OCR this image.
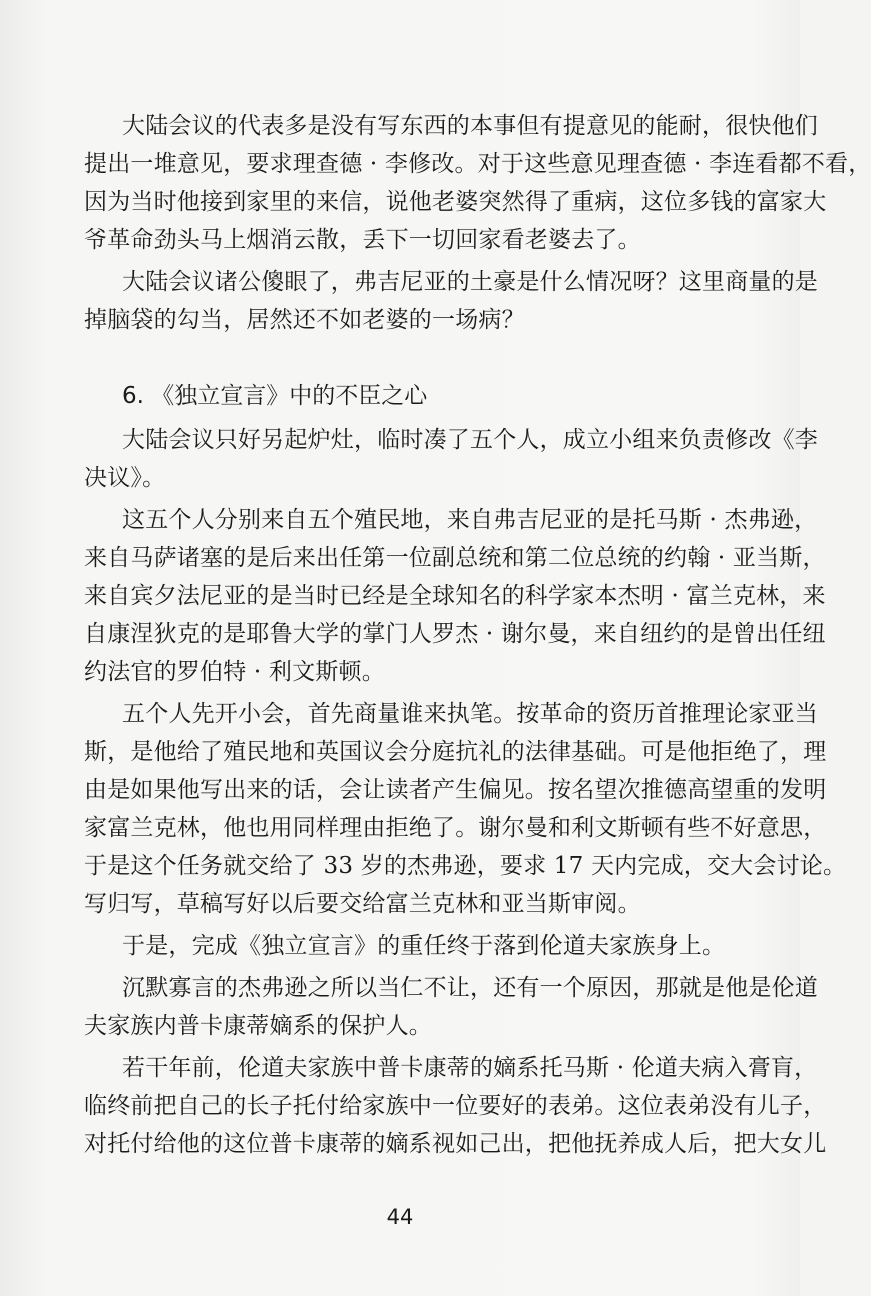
大陆会议的代表多是没有写东西的本事但有提意见的能耐，很快他们
提出一堆意见，要求理查德 · 李修改。对于这些意见理查德 · 李连看都不看，
因为当时他接到家里的来信，说他老婆突然得了重病，这位多钱的富家大
爷革命劲头马上烟消云散，丢下一切回家看老婆去了。
大陆会议诸公傻眼了，弗吉尼亚的土豪是什么情况呀？这里商量的是
掉脑袋的勾当，居然还不如老婆的一场病？
6. 《独立宣言》中的不臣之心
大陆会议只好另起炉灶，临时凑了五个人，成立小组来负责修改《李
决议》。
这五个人分别来自五个殖民地，来自弗吉尼亚的是托马斯 · 杰弗逊，
来自马萨诸塞的是后来出任第一位副总统和第二位总统的约翰 · 亚当斯，
来自宾夕法尼亚的是当时已经是全球知名的科学家本杰明 · 富兰克林，来
自康涅狄克的是耶鲁大学的掌门人罗杰 · 谢尔曼，来自纽约的是曾出任纽
约法官的罗伯特 · 利文斯顿。
五个人先开小会，首先商量谁来执笔。按革命的资历首推理论家亚当
斯，是他给了殖民地和英国议会分庭抗礼的法律基础。可是他拒绝了，理
由是如果他写出来的话，会让读者产生偏见。按名望次推德高望重的发明
家富兰克林，他也用同样理由拒绝了。谢尔曼和利文斯顿有些不好意思，
于是这个任务就交给了 33 岁的杰弗逊，要求 17 天内完成，交大会讨论。
写归写，草稿写好以后要交给富兰克林和亚当斯审阅。
于是，完成《独立宣言》的重任终于落到伦道夫家族身上。
沉默寡言的杰弗逊之所以当仁不让，还有一个原因，那就是他是伦道
夫家族内普卡康蒂嫡系的保护人。
若干年前，伦道夫家族中普卡康蒂的嫡系托马斯 · 伦道夫病入膏肓，
临终前把自己的长子托付给家族中一位要好的表弟。这位表弟没有儿子，
对托付给他的这位普卡康蒂的嫡系视如己出，把他抚养成人后，把大女儿
44
